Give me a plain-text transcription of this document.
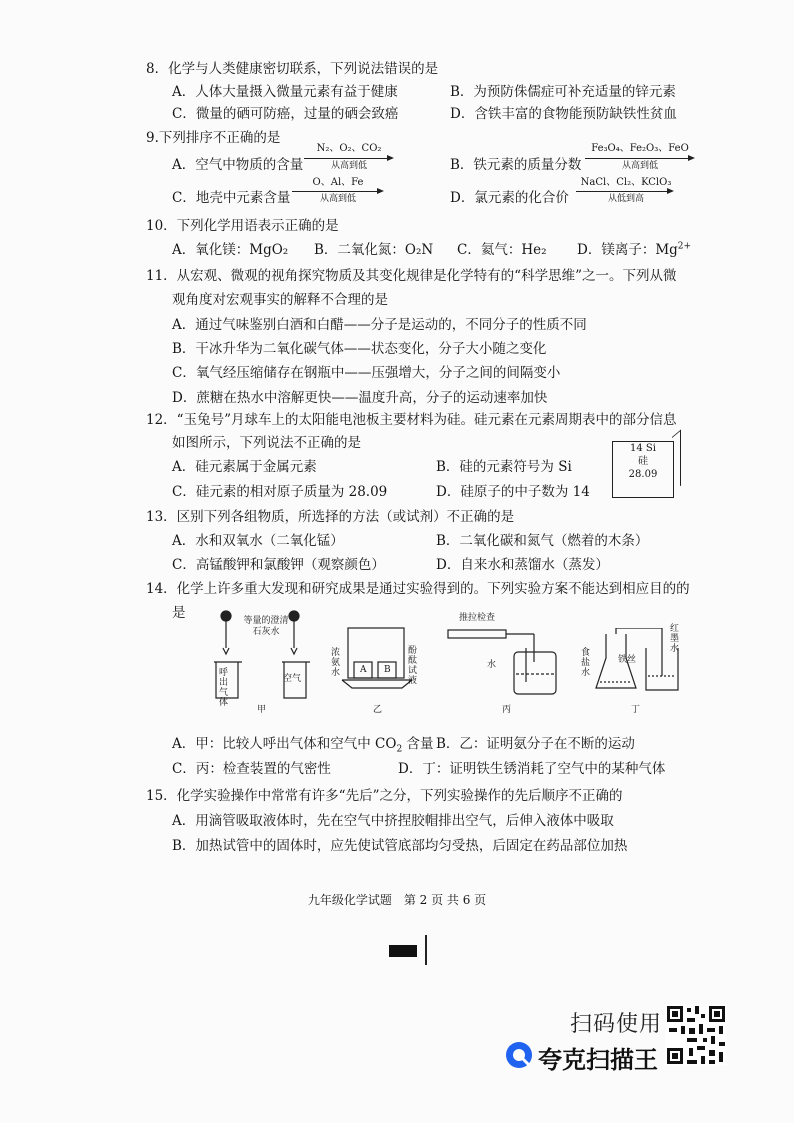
8．化学与人类健康密切联系，下列说法错误的是
A．人体大量摄入微量元素有益于健康	B．为预防侏儒症可补充适量的锌元素
C．微量的硒可防癌，过量的硒会致癌	D．含铁丰富的食物能预防缺铁性贫血
9.下列排序不正确的是
A．空气中物质的含量
N₂、O₂、CO₂
从高到低	B．铁元素的质量分数
Fe₃O₄、Fe₂O₃、FeO
从高到低
C．地壳中元素含量
O、Al、Fe
从高到低	D．氯元素的化合价
NaCl、Cl₂、KClO₃
从低到高
10．下列化学用语表示正确的是
A．氧化镁：MgO₂ B．二氧化氮：O₂N C．氦气：He₂ D．镁离子：$Mg^{2+}$
11．从宏观、微观的视角探究物质及其变化规律是化学特有的“科学思维”之一。下列从微
观角度对宏观事实的解释不合理的是
A．通过气味鉴别白酒和白醋——分子是运动的，不同分子的性质不同
B．干冰升华为二氧化碳气体——状态变化，分子大小随之变化
C．氧气经压缩储存在钢瓶中——压强增大，分子之间的间隔变小
D．蔗糖在热水中溶解更快——温度升高，分子的运动速率加快
12．“玉兔号”月球车上的太阳能电池板主要材料为硅。硅元素在元素周期表中的部分信息
如图所示，下列说法不正确的是
A．硅元素属于金属元素	B．硅的元素符号为 Si
C．硅元素的相对原子质量为 28.09	D．硅原子的中子数为 14
14 Si
硅
28.09
13．区别下列各组物质，所选择的方法（或试剂）不正确的是
A．水和双氧水（二氧化锰）	B．二氧化碳和氮气（燃着的木条）
C．高锰酸钾和氯酸钾（观察颜色）	D．自来水和蒸馏水（蒸发）
14．化学上许多重大发现和研究成果是通过实验得到的。下列实验方案不能达到相应目的的
是	等量的澄清石灰水
呼出气体
空气
甲
浓氨水
酚酞试液
A B
乙
推拉检查
水
丙
食盐水
铁丝
红墨水
丁
A．甲：比较人呼出气体和空气中 $CO_2$ 含量 B．乙：证明氨分子在不断的运动
C．丙：检查装置的气密性	D．丁：证明铁生锈消耗了空气中的某种气体
15．化学实验操作中常常有许多“先后”之分，下列实验操作的先后顺序不正确的
A．用滴管吸取液体时，先在空气中挤捏胶帽排出空气，后伸入液体中吸取
B．加热试管中的固体时，应先使试管底部均匀受热，后固定在药品部位加热
九年级化学试题　第 2 页 共 6 页
扫码使用
夸克扫描王
